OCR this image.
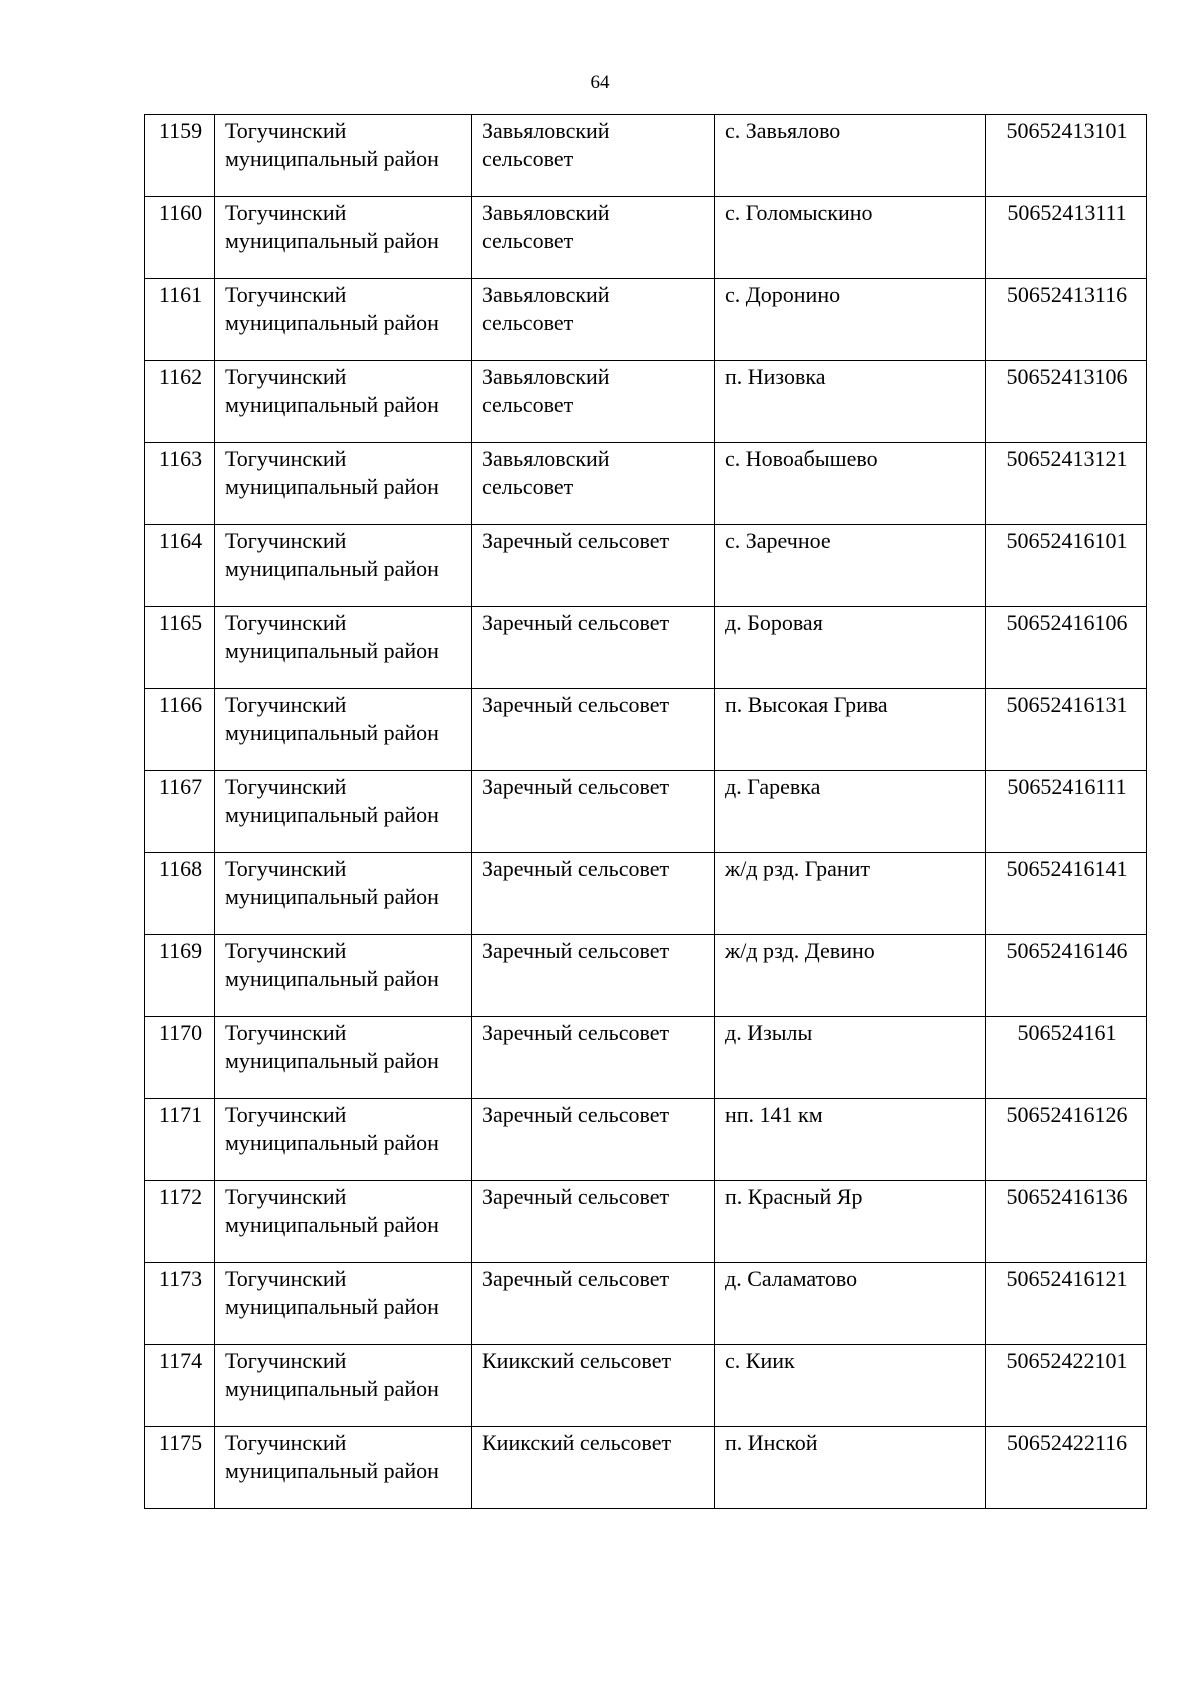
64
1159	Тогучинский муниципальный район	Завьяловский сельсовет	с. Завьялово	50652413101
1160	Тогучинский муниципальный район	Завьяловский сельсовет	с. Голомыскино	50652413111
1161	Тогучинский муниципальный район	Завьяловский сельсовет	с. Доронино	50652413116
1162	Тогучинский муниципальный район	Завьяловский сельсовет	п. Низовка	50652413106
1163	Тогучинский муниципальный район	Завьяловский сельсовет	с. Новоабышево	50652413121
1164	Тогучинский муниципальный район	Заречный сельсовет	с. Заречное	50652416101
1165	Тогучинский муниципальный район	Заречный сельсовет	д. Боровая	50652416106
1166	Тогучинский муниципальный район	Заречный сельсовет	п. Высокая Грива	50652416131
1167	Тогучинский муниципальный район	Заречный сельсовет	д. Гаревка	50652416111
1168	Тогучинский муниципальный район	Заречный сельсовет	ж/д рзд. Гранит	50652416141
1169	Тогучинский муниципальный район	Заречный сельсовет	ж/д рзд. Девино	50652416146
1170	Тогучинский муниципальный район	Заречный сельсовет	д. Изылы	506524161
1171	Тогучинский муниципальный район	Заречный сельсовет	нп. 141 км	50652416126
1172	Тогучинский муниципальный район	Заречный сельсовет	п. Красный Яр	50652416136
1173	Тогучинский муниципальный район	Заречный сельсовет	д. Саламатово	50652416121
1174	Тогучинский муниципальный район	Киикский сельсовет	с. Киик	50652422101
1175	Тогучинский муниципальный район	Киикский сельсовет	п. Инской	50652422116
